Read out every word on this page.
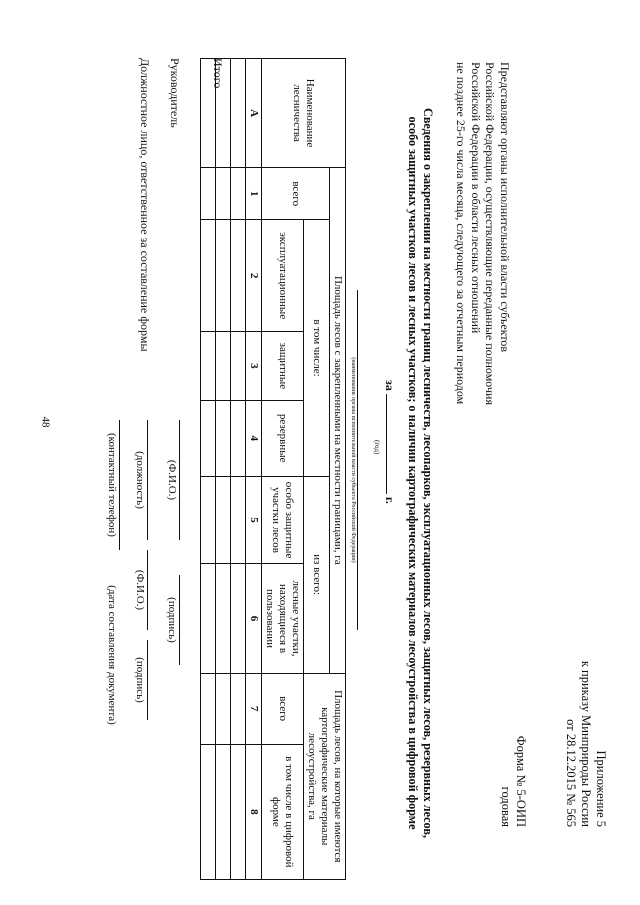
48
Приложение 5
к приказу Минприроды России
от 28.12.2015 № 565
Форма № 5-ОИП
годовая
Представляют органы исполнительной власти субъектов
Российской Федерации, осуществляющие переданные полномочия
Российской Федерации в области лесных отношений
не позднее 25-го числа месяца, следующего за отчетным периодом
Сведения о закреплении на местности границ лесничеств, лесопарков, эксплуатационных лесов, защитных лесов, резервных лесов,
особо защитных участков лесов и лесных участков; о наличии картографических материалов лесоустройства в цифровой форме
за  г.
(год)
(наименование органа исполнительной власти субъекта Российской Федерации)
Наименование лесничества	Площадь лесов с закрепленными на местности границами, га						Площадь лесов, на которые имеются картографические материалы лесоустройства, га	
	всего	в том числе:			из всего:			
		эксплуатационные	защитные	резервные	особо защитные участки лесов	лесные участки, находящиеся в пользовании	всего	в том числе в цифровой форме
А	1	2	3	4	5	6	7	8

Итого
Руководитель
(Ф.И.О.)
(подпись)
Должностное лицо, ответственное за составление формы
(должность)
(Ф.И.О.)
(подпись)
(контактный телефон)
(дата составления документа)
